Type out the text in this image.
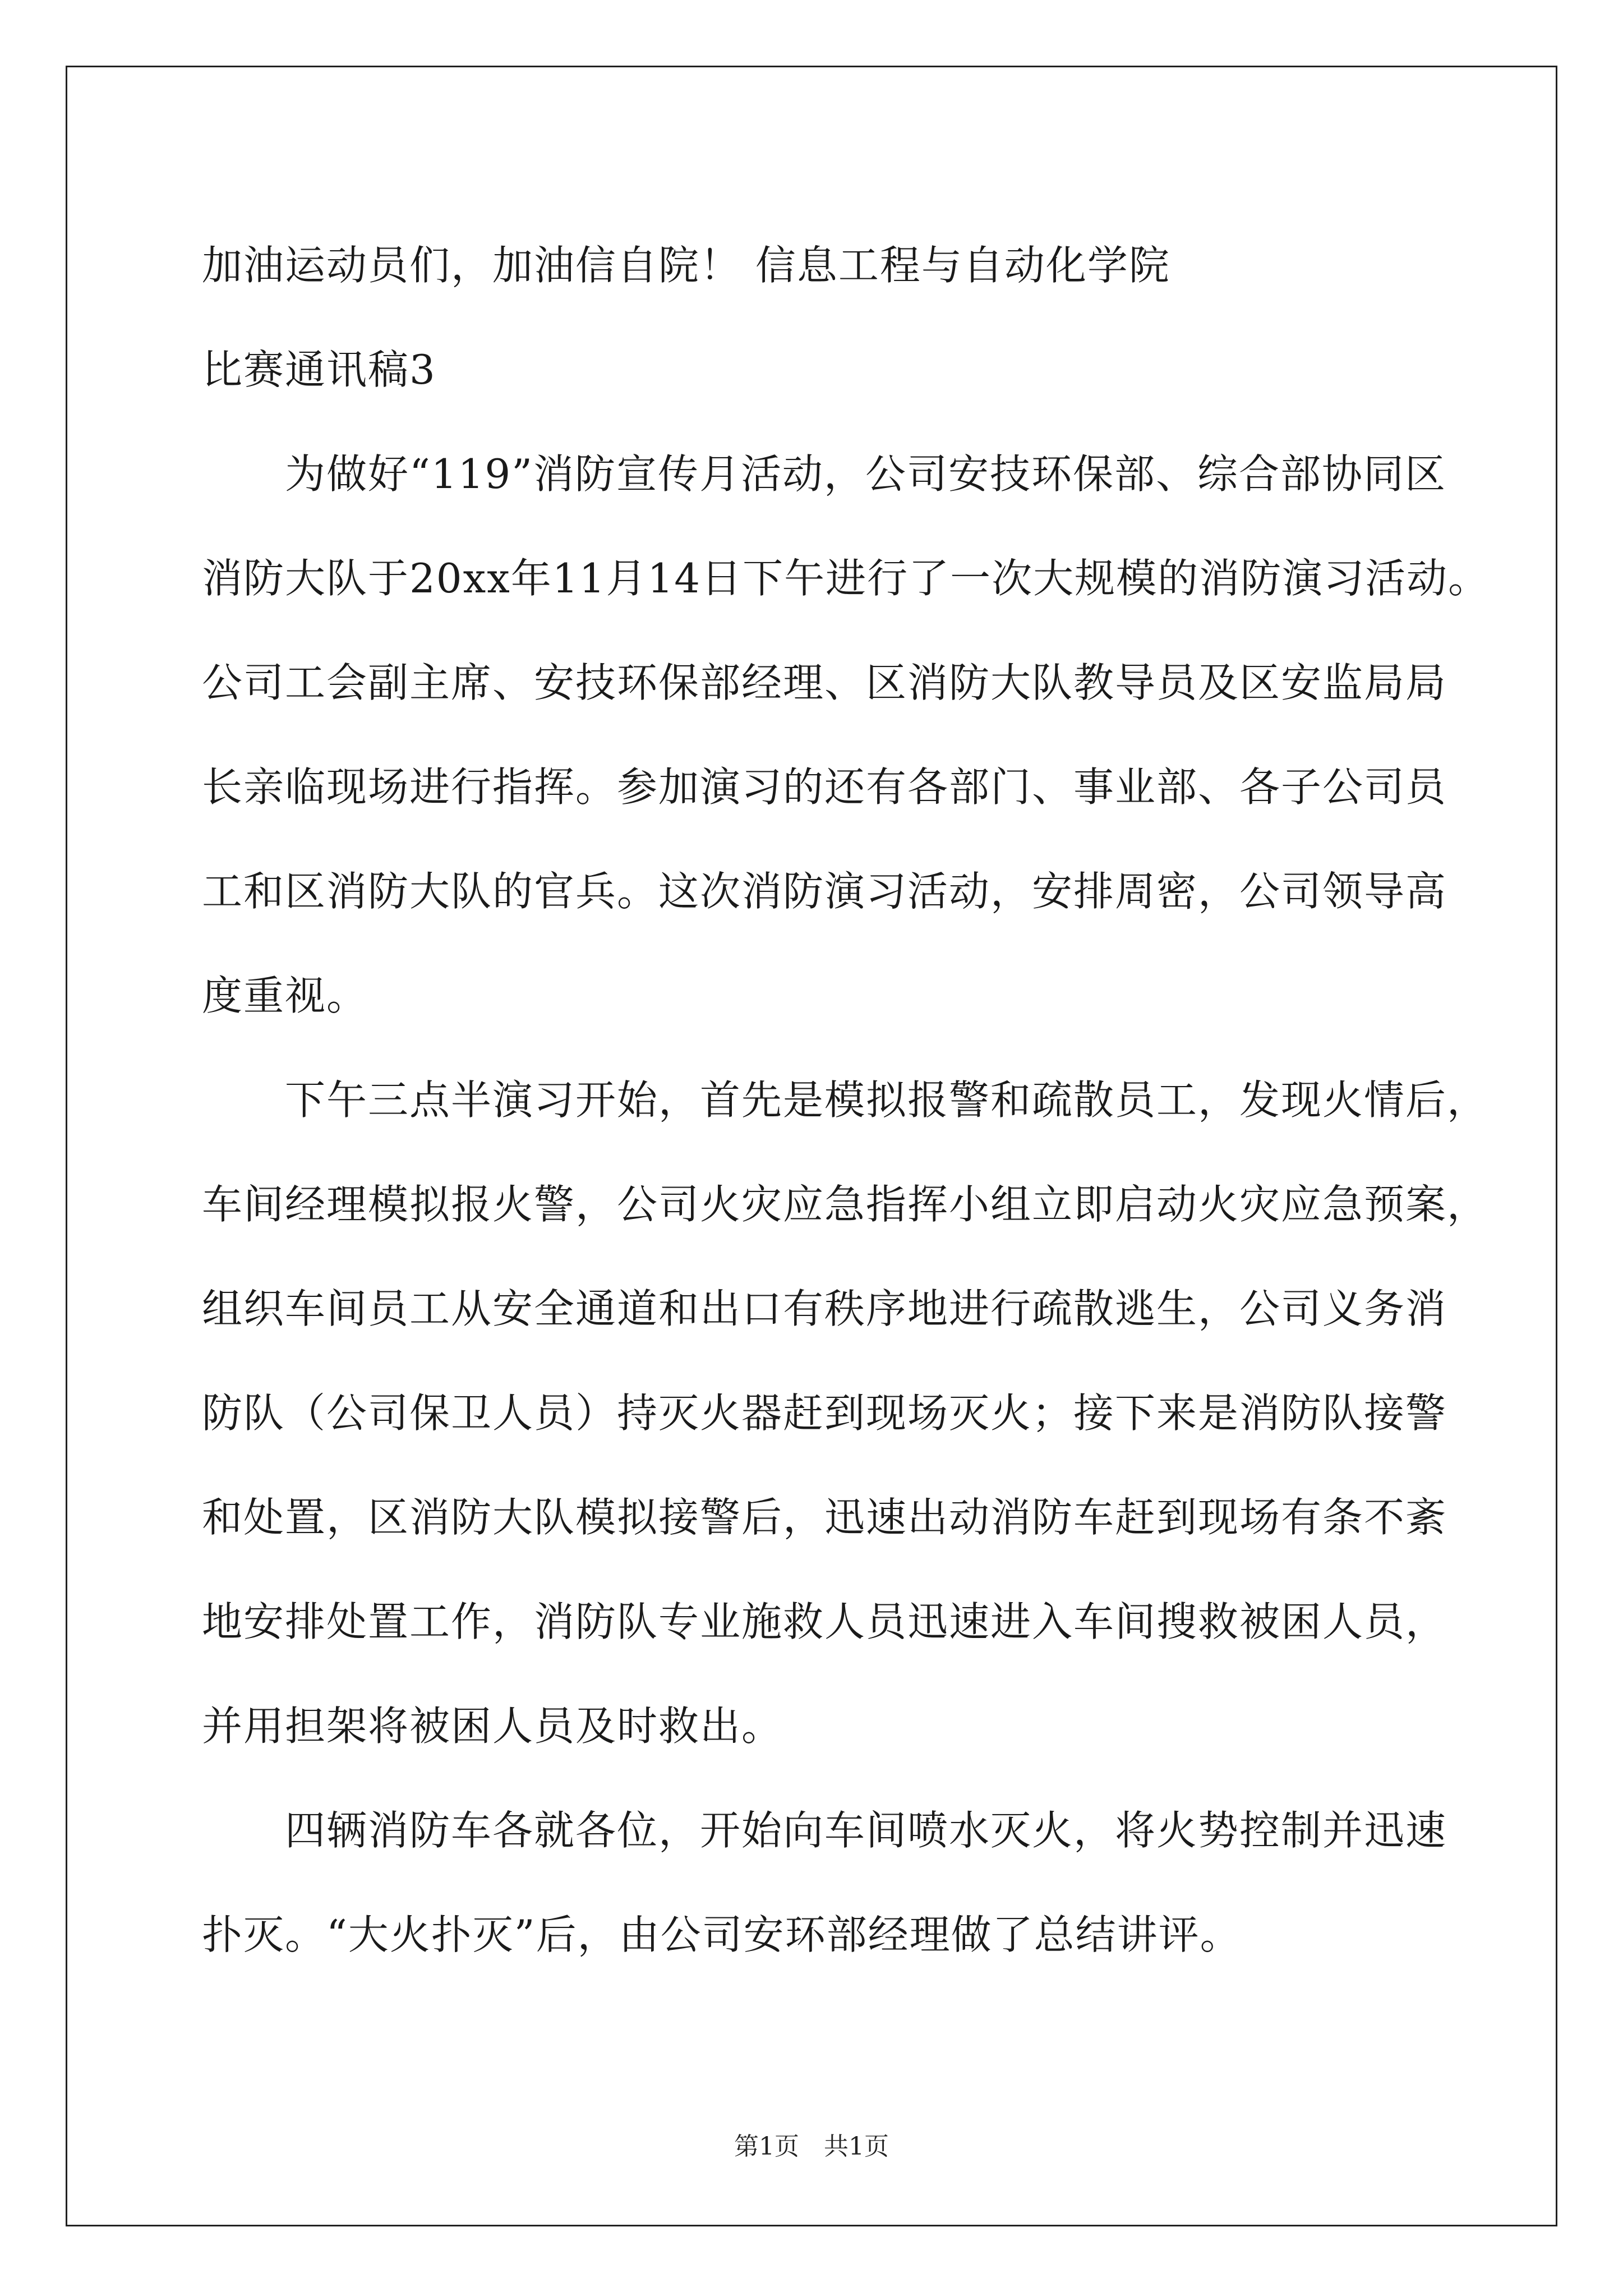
加油运动员们，加油信自院！ 信息工程与自动化学院
比赛通讯稿3
　　为做好“119”消防宣传月活动，公司安技环保部、综合部协同区
消防大队于20xx年11月14日下午进行了一次大规模的消防演习活动。
公司工会副主席、安技环保部经理、区消防大队教导员及区安监局局
长亲临现场进行指挥。参加演习的还有各部门、事业部、各子公司员
工和区消防大队的官兵。这次消防演习活动，安排周密，公司领导高
度重视。
　　下午三点半演习开始，首先是模拟报警和疏散员工，发现火情后，
车间经理模拟报火警，公司火灾应急指挥小组立即启动火灾应急预案，
组织车间员工从安全通道和出口有秩序地进行疏散逃生，公司义务消
防队（公司保卫人员）持灭火器赶到现场灭火；接下来是消防队接警
和处置，区消防大队模拟接警后，迅速出动消防车赶到现场有条不紊
地安排处置工作，消防队专业施救人员迅速进入车间搜救被困人员，
并用担架将被困人员及时救出。
　　四辆消防车各就各位，开始向车间喷水灭火，将火势控制并迅速
扑灭。“大火扑灭”后，由公司安环部经理做了总结讲评。
第1页　共1页
